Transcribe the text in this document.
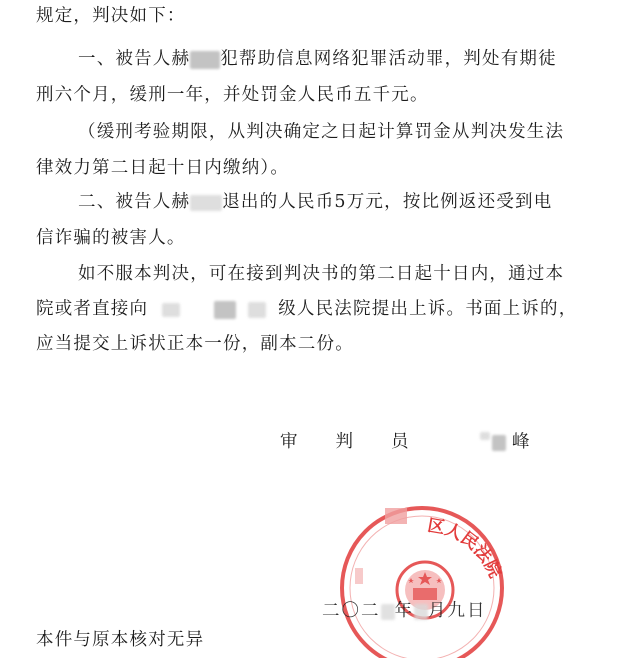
规定，判决如下：
一、被告人赫 犯帮助信息网络犯罪活动罪，判处有期徒
刑六个月，缓刑一年，并处罚金人民币五千元。
（缓刑考验期限，从判决确定之日起计算罚金从判决发生法
律效力第二日起十日内缴纳）。
二、被告人赫 退出的人民币5万元，按比例返还受到电
信诈骗的被害人。
如不服本判决，可在接到判决书的第二日起十日内，通过本
院或者直接向	级人民法院提出上诉。书面上诉的，
应当提交上诉状正本一份，副本二份。
审 判 员	峰
区人民法院
二〇二 年 月九日
本件与原本核对无异
